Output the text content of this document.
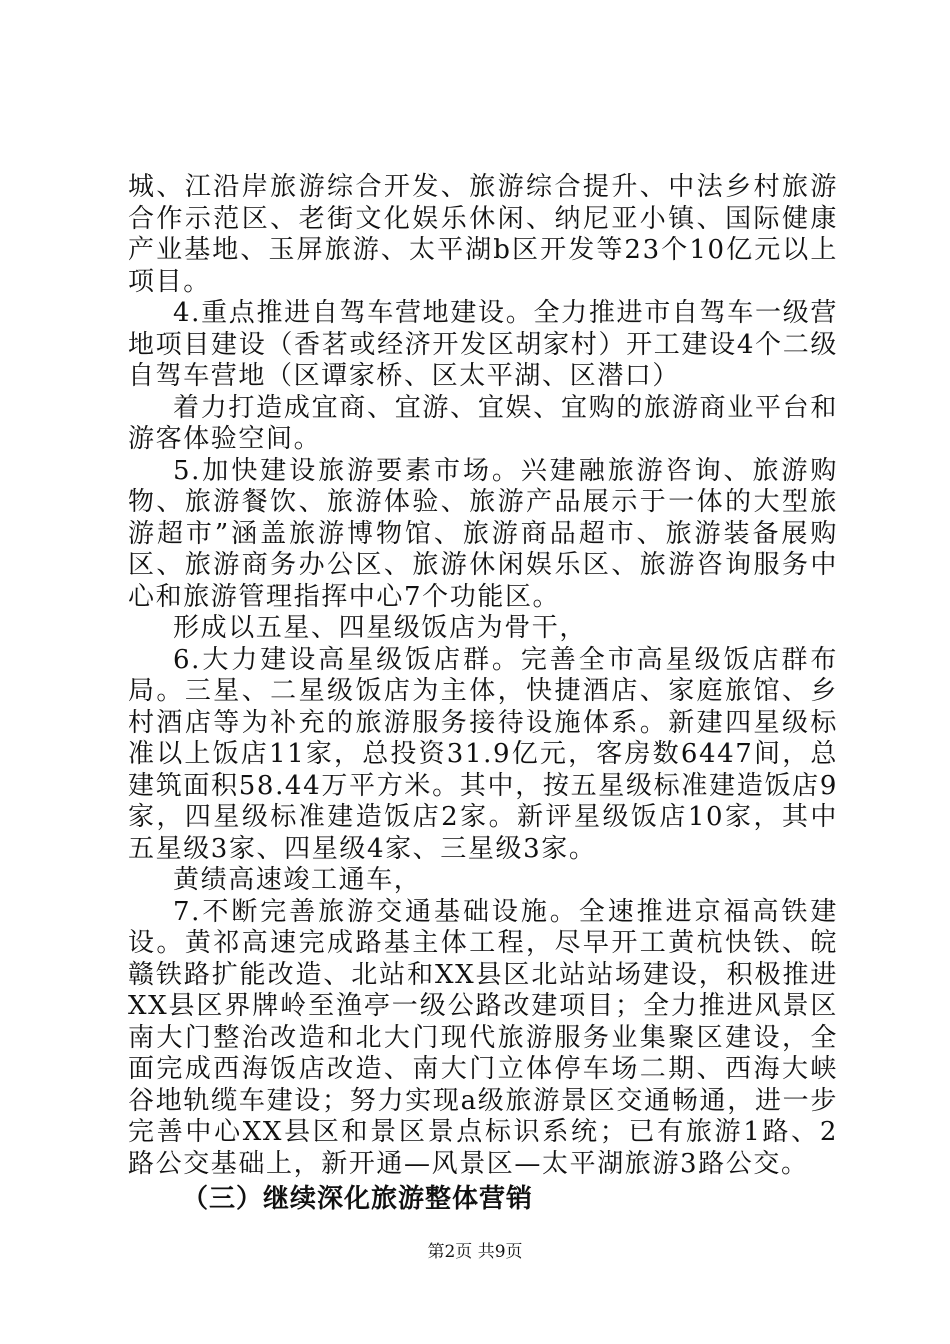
城、江沿岸旅游综合开发、旅游综合提升、中法乡村旅游合作示范区、老街文化娱乐休闲、纳尼亚小镇、国际健康产业基地、玉屏旅游、太平湖b区开发等23个10亿元以上项目。

4.重点推进自驾车营地建设。全力推进市自驾车一级营地项目建设（香茗或经济开发区胡家村）开工建设4个二级自驾车营地（区谭家桥、区太平湖、区潜口）

着力打造成宜商、宜游、宜娱、宜购的旅游商业平台和游客体验空间。

5.加快建设旅游要素市场。兴建融旅游咨询、旅游购物、旅游餐饮、旅游体验、旅游产品展示于一体的大型旅游超市”涵盖旅游博物馆、旅游商品超市、旅游装备展购区、旅游商务办公区、旅游休闲娱乐区、旅游咨询服务中心和旅游管理指挥中心7个功能区。

形成以五星、四星级饭店为骨干，

6.大力建设高星级饭店群。完善全市高星级饭店群布局。三星、二星级饭店为主体，快捷酒店、家庭旅馆、乡村酒店等为补充的旅游服务接待设施体系。新建四星级标准以上饭店11家，总投资31.9亿元，客房数6447间，总建筑面积58.44万平方米。其中，按五星级标准建造饭店9家，四星级标准建造饭店2家。新评星级饭店10家，其中五星级3家、四星级4家、三星级3家。

黄绩高速竣工通车，

7.不断完善旅游交通基础设施。全速推进京福高铁建设。黄祁高速完成路基主体工程，尽早开工黄杭快铁、皖赣铁路扩能改造、北站和XX县区北站站场建设，积极推进XX县区界牌岭至渔亭一级公路改建项目；全力推进风景区南大门整治改造和北大门现代旅游服务业集聚区建设，全面完成西海饭店改造、南大门立体停车场二期、西海大峡谷地轨缆车建设；努力实现a级旅游景区交通畅通，进一步完善中心XX县区和景区景点标识系统；已有旅游1路、2路公交基础上，新开通—风景区—太平湖旅游3路公交。

（三）继续深化旅游整体营销
第2页 共9页
